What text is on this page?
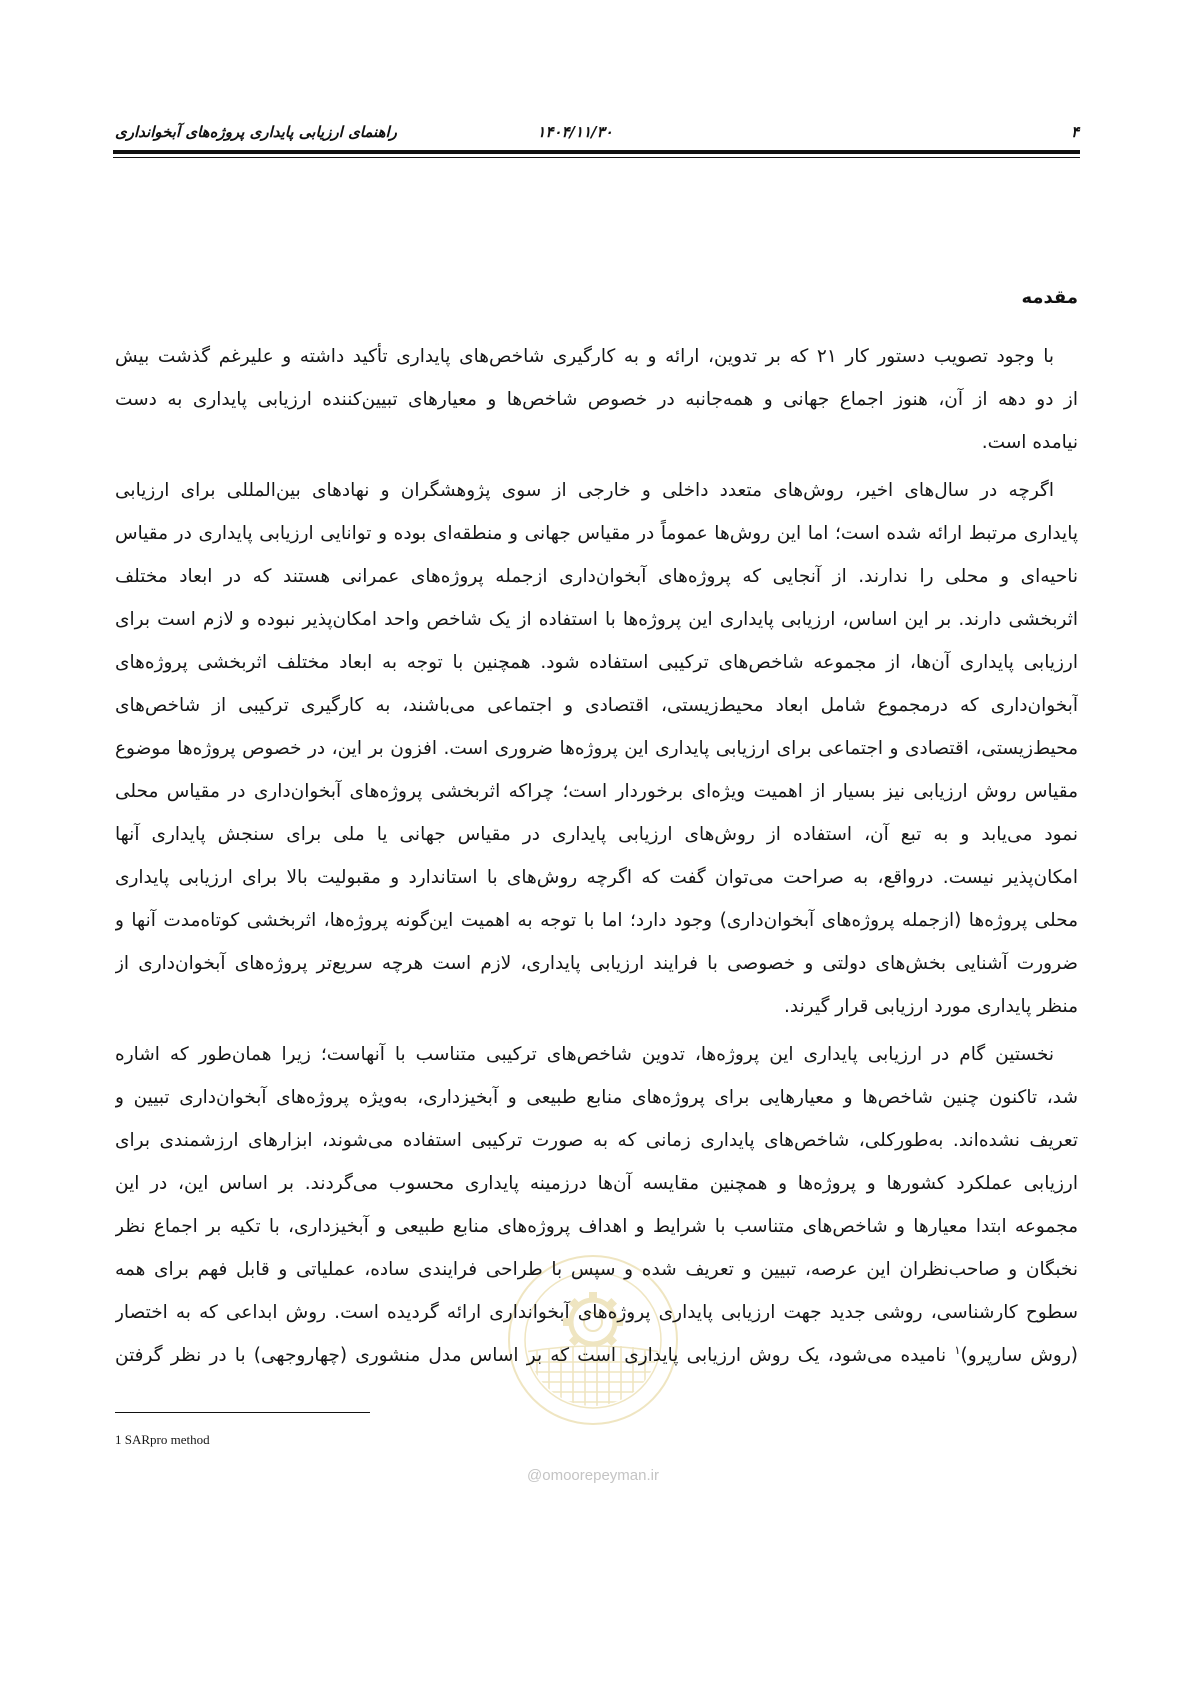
۴
۱۴۰۴/۱۱/۳۰
راهنمای ارزیابی پایداری پروژه‌های آبخوانداری
مقدمه
@omoorepeyman.ir
با وجود تصویب دستور کار ۲۱ که بر تدوین، ارائه و به کارگیری شاخص‌های پایداری تأکید داشته و علیرغم گذشت بیش
از دو دهه از آن، هنوز اجماع جهانی و همه‌جانبه در خصوص شاخص‌ها و معیارهای تبیین‌کننده ارزیابی پایداری به دست
نیامده است.
اگرچه در سال‌های اخیر، روش‌های متعدد داخلی و خارجی از سوی پژوهشگران و نهادهای بین‌المللی برای ارزیابی
پایداری مرتبط ارائه شده است؛ اما این روش‌ها عموماً در مقیاس جهانی و منطقه‌ای بوده و توانایی ارزیابی پایداری در مقیاس
ناحیه‌ای و محلی را ندارند. از آنجایی که پروژه‌های آبخوان‌داری ازجمله پروژه‌های عمرانی هستند که در ابعاد مختلف
اثربخشی دارند. بر این اساس، ارزیابی پایداری این پروژه‌ها با استفاده از یک شاخص واحد امکان‌پذیر نبوده و لازم است برای
ارزیابی پایداری آن‌ها، از مجموعه شاخص‌های ترکیبی استفاده شود. همچنین با توجه به ابعاد مختلف اثربخشی پروژه‌های
آبخوان‌داری که درمجموع شامل ابعاد محیط‌زیستی، اقتصادی و اجتماعی می‌باشند، به کارگیری ترکیبی از شاخص‌های
محیط‌زیستی، اقتصادی و اجتماعی برای ارزیابی پایداری این پروژه‌ها ضروری است. افزون بر این، در خصوص پروژه‌ها موضوع
مقیاس روش ارزیابی نیز بسیار از اهمیت ویژه‌ای برخوردار است؛ چراکه اثربخشی پروژه‌های آبخوان‌داری در مقیاس محلی
نمود می‌یابد و به تبع آن، استفاده از روش‌های ارزیابی پایداری در مقیاس جهانی یا ملی برای سنجش پایداری آنها
امکان‌پذیر نیست. درواقع، به صراحت می‌توان گفت که اگرچه روش‌های با استاندارد و مقبولیت بالا برای ارزیابی پایداری
محلی پروژه‌ها (ازجمله پروژه‌های آبخوان‌داری) وجود دارد؛ اما با توجه به اهمیت این‌گونه پروژه‌ها، اثربخشی کوتاه‌مدت آنها و
ضرورت آشنایی بخش‌های دولتی و خصوصی با فرایند ارزیابی پایداری، لازم است هرچه سریع‌تر پروژه‌های آبخوان‌داری از
منظر پایداری مورد ارزیابی قرار گیرند.
نخستین گام در ارزیابی پایداری این پروژه‌ها، تدوین شاخص‌های ترکیبی متناسب با آنهاست؛ زیرا همان‌طور که اشاره
شد، تاکنون چنین شاخص‌ها و معیارهایی برای پروژه‌های منابع طبیعی و آبخیزداری، به‌ویژه پروژه‌های آبخوان‌داری تبیین و
تعریف نشده‌اند. به‌طورکلی، شاخص‌های پایداری زمانی که به صورت ترکیبی استفاده می‌شوند، ابزارهای ارزشمندی برای
ارزیابی عملکرد کشورها و پروژه‌ها و همچنین مقایسه آن‌ها درزمینه پایداری محسوب می‌گردند. بر اساس این، در این
مجموعه ابتدا معیارها و شاخص‌های متناسب با شرایط و اهداف پروژه‌های منابع طبیعی و آبخیزداری، با تکیه بر اجماع نظر
نخبگان و صاحب‌نظران این عرصه، تبیین و تعریف شده و سپس با طراحی فرایندی ساده، عملیاتی و قابل فهم برای همه
سطوح کارشناسی، روشی جدید جهت ارزیابی پایداری پروژه‌های آبخوانداری ارائه گردیده است. روش ابداعی که به اختصار
(روش سارپرو)$^۱$ نامیده می‌شود، یک روش ارزیابی پایداری است که بر اساس مدل منشوری (چهاروجهی) با در نظر گرفتن
1 SARpro method
